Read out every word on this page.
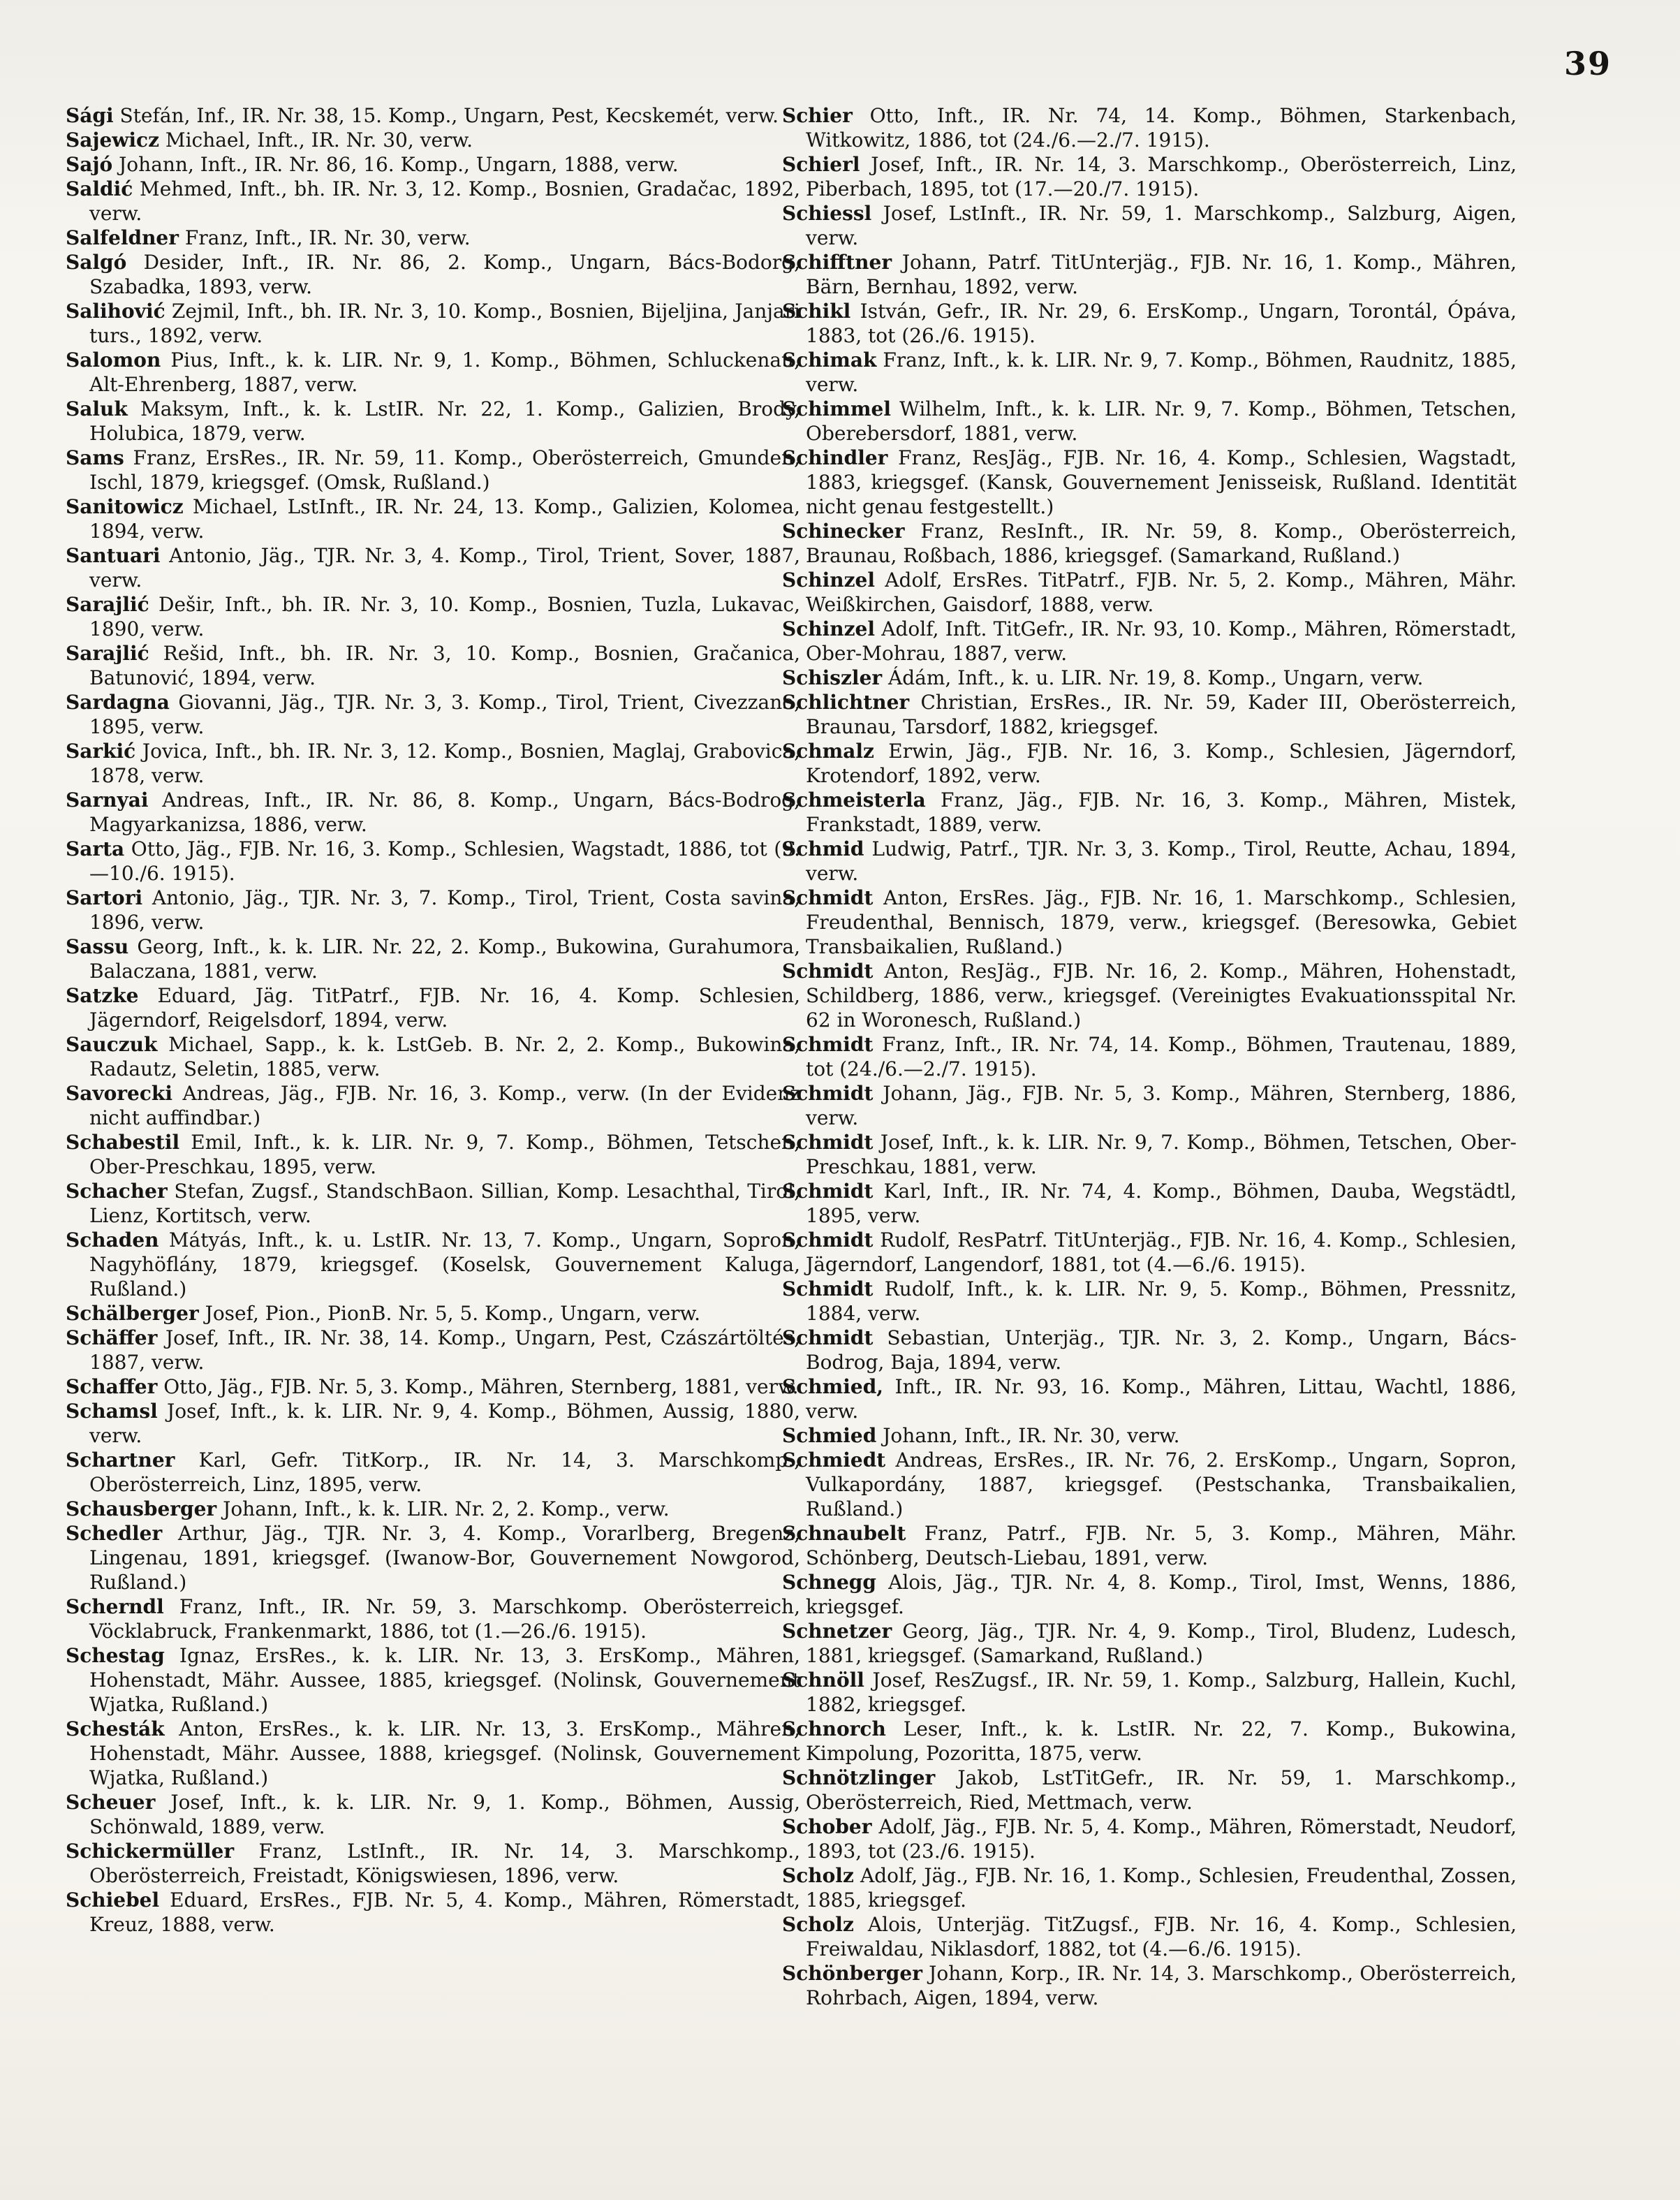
39

Sági Stefán, Inf., IR. Nr. 38, 15. Komp., Ungarn, Pest, Kecskemét, verw.

Sajewicz Michael, Inft., IR. Nr. 30, verw.

Sajó Johann, Inft., IR. Nr. 86, 16. Komp., Ungarn, 1888, verw.

Saldić Mehmed, Inft., bh. IR. Nr. 3, 12. Komp., Bosnien, Gradačac, 1892, verw.

Salfeldner Franz, Inft., IR. Nr. 30, verw.

Salgó Desider, Inft., IR. Nr. 86, 2. Komp., Ungarn, Bács-Bodorg, Szabadka, 1893, verw.

Salihović Zejmil, Inft., bh. IR. Nr. 3, 10. Komp., Bosnien, Bijeljina, Janjari turs., 1892, verw.

Salomon Pius, Inft., k. k. LIR. Nr. 9, 1. Komp., Böhmen, Schluckenau, Alt-Ehrenberg, 1887, verw.

Saluk Maksym, Inft., k. k. LstIR. Nr. 22, 1. Komp., Galizien, Brody, Holubica, 1879, verw.

Sams Franz, ErsRes., IR. Nr. 59, 11. Komp., Oberösterreich, Gmunden, Ischl, 1879, kriegsgef. (Omsk, Rußland.)

Sanitowicz Michael, LstInft., IR. Nr. 24, 13. Komp., Galizien, Kolomea, 1894, verw.

Santuari Antonio, Jäg., TJR. Nr. 3, 4. Komp., Tirol, Trient, Sover, 1887, verw.

Sarajlić Dešir, Inft., bh. IR. Nr. 3, 10. Komp., Bosnien, Tuzla, Lukavac, 1890, verw.

Sarajlić Rešid, Inft., bh. IR. Nr. 3, 10. Komp., Bosnien, Gračanica, Batunović, 1894, verw.

Sardagna Giovanni, Jäg., TJR. Nr. 3, 3. Komp., Tirol, Trient, Civezzano, 1895, verw.

Sarkić Jovica, Inft., bh. IR. Nr. 3, 12. Komp., Bosnien, Maglaj, Grabovica, 1878, verw.

Sarnyai Andreas, Inft., IR. Nr. 86, 8. Komp., Ungarn, Bács-Bodrog, Magyarkanizsa, 1886, verw.

Sarta Otto, Jäg., FJB. Nr. 16, 3. Komp., Schlesien, Wagstadt, 1886, tot (9.—10./6. 1915).

Sartori Antonio, Jäg., TJR. Nr. 3, 7. Komp., Tirol, Trient, Costa savina, 1896, verw.

Sassu Georg, Inft., k. k. LIR. Nr. 22, 2. Komp., Bukowina, Gurahumora, Balaczana, 1881, verw.

Satzke Eduard, Jäg. TitPatrf., FJB. Nr. 16, 4. Komp. Schlesien, Jägerndorf, Reigelsdorf, 1894, verw.

Sauczuk Michael, Sapp., k. k. LstGeb. B. Nr. 2, 2. Komp., Bukowina, Radautz, Seletin, 1885, verw.

Savorecki Andreas, Jäg., FJB. Nr. 16, 3. Komp., verw. (In der Evidenz nicht auffindbar.)

Schabestil Emil, Inft., k. k. LIR. Nr. 9, 7. Komp., Böhmen, Tetschen, Ober-Preschkau, 1895, verw.

Schacher Stefan, Zugsf., StandschBaon. Sillian, Komp. Lesachthal, Tirol, Lienz, Kortitsch, verw.

Schaden Mátyás, Inft., k. u. LstIR. Nr. 13, 7. Komp., Ungarn, Sopron, Nagyhöflány, 1879, kriegsgef. (Koselsk, Gouvernement Kaluga, Rußland.)

Schälberger Josef, Pion., PionB. Nr. 5, 5. Komp., Ungarn, verw.

Schäffer Josef, Inft., IR. Nr. 38, 14. Komp., Ungarn, Pest, Czászártöltés, 1887, verw.

Schaffer Otto, Jäg., FJB. Nr. 5, 3. Komp., Mähren, Sternberg, 1881, verw.

Schamsl Josef, Inft., k. k. LIR. Nr. 9, 4. Komp., Böhmen, Aussig, 1880, verw.

Schartner Karl, Gefr. TitKorp., IR. Nr. 14, 3. Marschkomp., Oberösterreich, Linz, 1895, verw.

Schausberger Johann, Inft., k. k. LIR. Nr. 2, 2. Komp., verw.

Schedler Arthur, Jäg., TJR. Nr. 3, 4. Komp., Vorarlberg, Bregenz, Lingenau, 1891, kriegsgef. (Iwanow-Bor, Gouvernement Nowgorod, Rußland.)

Scherndl Franz, Inft., IR. Nr. 59, 3. Marschkomp. Oberösterreich, Vöcklabruck, Frankenmarkt, 1886, tot (1.—26./6. 1915).

Schestag Ignaz, ErsRes., k. k. LIR. Nr. 13, 3. ErsKomp., Mähren, Hohenstadt, Mähr. Aussee, 1885, kriegsgef. (Nolinsk, Gouvernement Wjatka, Rußland.)

Schesták Anton, ErsRes., k. k. LIR. Nr. 13, 3. ErsKomp., Mähren, Hohenstadt, Mähr. Aussee, 1888, kriegsgef. (Nolinsk, Gouvernement Wjatka, Rußland.)

Scheuer Josef, Inft., k. k. LIR. Nr. 9, 1. Komp., Böhmen, Aussig, Schönwald, 1889, verw.

Schickermüller Franz, LstInft., IR. Nr. 14, 3. Marschkomp., Oberösterreich, Freistadt, Königswiesen, 1896, verw.

Schiebel Eduard, ErsRes., FJB. Nr. 5, 4. Komp., Mähren, Römerstadt, Kreuz, 1888, verw.

Schier Otto, Inft., IR. Nr. 74, 14. Komp., Böhmen, Starkenbach, Witkowitz, 1886, tot (24./6.—2./7. 1915).

Schierl Josef, Inft., IR. Nr. 14, 3. Marschkomp., Oberösterreich, Linz, Piberbach, 1895, tot (17.—20./7. 1915).

Schiessl Josef, LstInft., IR. Nr. 59, 1. Marschkomp., Salzburg, Aigen, verw.

Schifftner Johann, Patrf. TitUnterjäg., FJB. Nr. 16, 1. Komp., Mähren, Bärn, Bernhau, 1892, verw.

Schikl István, Gefr., IR. Nr. 29, 6. ErsKomp., Ungarn, Torontál, Ópáva, 1883, tot (26./6. 1915).

Schimak Franz, Inft., k. k. LIR. Nr. 9, 7. Komp., Böhmen, Raudnitz, 1885, verw.

Schimmel Wilhelm, Inft., k. k. LIR. Nr. 9, 7. Komp., Böhmen, Tetschen, Oberebersdorf, 1881, verw.

Schindler Franz, ResJäg., FJB. Nr. 16, 4. Komp., Schlesien, Wagstadt, 1883, kriegsgef. (Kansk, Gouvernement Jenisseisk, Rußland. Identität nicht genau festgestellt.)

Schinecker Franz, ResInft., IR. Nr. 59, 8. Komp., Oberösterreich, Braunau, Roßbach, 1886, kriegsgef. (Samarkand, Rußland.)

Schinzel Adolf, ErsRes. TitPatrf., FJB. Nr. 5, 2. Komp., Mähren, Mähr. Weißkirchen, Gaisdorf, 1888, verw.

Schinzel Adolf, Inft. TitGefr., IR. Nr. 93, 10. Komp., Mähren, Römerstadt, Ober-Mohrau, 1887, verw.

Schiszler Ádám, Inft., k. u. LIR. Nr. 19, 8. Komp., Ungarn, verw.

Schlichtner Christian, ErsRes., IR. Nr. 59, Kader III, Oberösterreich, Braunau, Tarsdorf, 1882, kriegsgef.

Schmalz Erwin, Jäg., FJB. Nr. 16, 3. Komp., Schlesien, Jägerndorf, Krotendorf, 1892, verw.

Schmeisterla Franz, Jäg., FJB. Nr. 16, 3. Komp., Mähren, Mistek, Frankstadt, 1889, verw.

Schmid Ludwig, Patrf., TJR. Nr. 3, 3. Komp., Tirol, Reutte, Achau, 1894, verw.

Schmidt Anton, ErsRes. Jäg., FJB. Nr. 16, 1. Marschkomp., Schlesien, Freudenthal, Bennisch, 1879, verw., kriegsgef. (Beresowka, Gebiet Transbaikalien, Rußland.)

Schmidt Anton, ResJäg., FJB. Nr. 16, 2. Komp., Mähren, Hohenstadt, Schildberg, 1886, verw., kriegsgef. (Vereinigtes Evakuationsspital Nr. 62 in Woronesch, Rußland.)

Schmidt Franz, Inft., IR. Nr. 74, 14. Komp., Böhmen, Trautenau, 1889, tot (24./6.—2./7. 1915).

Schmidt Johann, Jäg., FJB. Nr. 5, 3. Komp., Mähren, Sternberg, 1886, verw.

Schmidt Josef, Inft., k. k. LIR. Nr. 9, 7. Komp., Böhmen, Tetschen, Ober-Preschkau, 1881, verw.

Schmidt Karl, Inft., IR. Nr. 74, 4. Komp., Böhmen, Dauba, Wegstädtl, 1895, verw.

Schmidt Rudolf, ResPatrf. TitUnterjäg., FJB. Nr. 16, 4. Komp., Schlesien, Jägerndorf, Langendorf, 1881, tot (4.—6./6. 1915).

Schmidt Rudolf, Inft., k. k. LIR. Nr. 9, 5. Komp., Böhmen, Pressnitz, 1884, verw.

Schmidt Sebastian, Unterjäg., TJR. Nr. 3, 2. Komp., Ungarn, Bács-Bodrog, Baja, 1894, verw.

Schmied, Inft., IR. Nr. 93, 16. Komp., Mähren, Littau, Wachtl, 1886, verw.

Schmied Johann, Inft., IR. Nr. 30, verw.

Schmiedt Andreas, ErsRes., IR. Nr. 76, 2. ErsKomp., Ungarn, Sopron, Vulkapordány, 1887, kriegsgef. (Pestschanka, Transbaikalien, Rußland.)

Schnaubelt Franz, Patrf., FJB. Nr. 5, 3. Komp., Mähren, Mähr. Schönberg, Deutsch-Liebau, 1891, verw.

Schnegg Alois, Jäg., TJR. Nr. 4, 8. Komp., Tirol, Imst, Wenns, 1886, kriegsgef.

Schnetzer Georg, Jäg., TJR. Nr. 4, 9. Komp., Tirol, Bludenz, Ludesch, 1881, kriegsgef. (Samarkand, Rußland.)

Schnöll Josef, ResZugsf., IR. Nr. 59, 1. Komp., Salzburg, Hallein, Kuchl, 1882, kriegsgef.

Schnorch Leser, Inft., k. k. LstIR. Nr. 22, 7. Komp., Bukowina, Kimpolung, Pozoritta, 1875, verw.

Schnötzlinger Jakob, LstTitGefr., IR. Nr. 59, 1. Marschkomp., Oberösterreich, Ried, Mettmach, verw.

Schober Adolf, Jäg., FJB. Nr. 5, 4. Komp., Mähren, Römerstadt, Neudorf, 1893, tot (23./6. 1915).

Scholz Adolf, Jäg., FJB. Nr. 16, 1. Komp., Schlesien, Freudenthal, Zossen, 1885, kriegsgef.

Scholz Alois, Unterjäg. TitZugsf., FJB. Nr. 16, 4. Komp., Schlesien, Freiwaldau, Niklasdorf, 1882, tot (4.—6./6. 1915).

Schönberger Johann, Korp., IR. Nr. 14, 3. Marschkomp., Oberösterreich, Rohrbach, Aigen, 1894, verw.
